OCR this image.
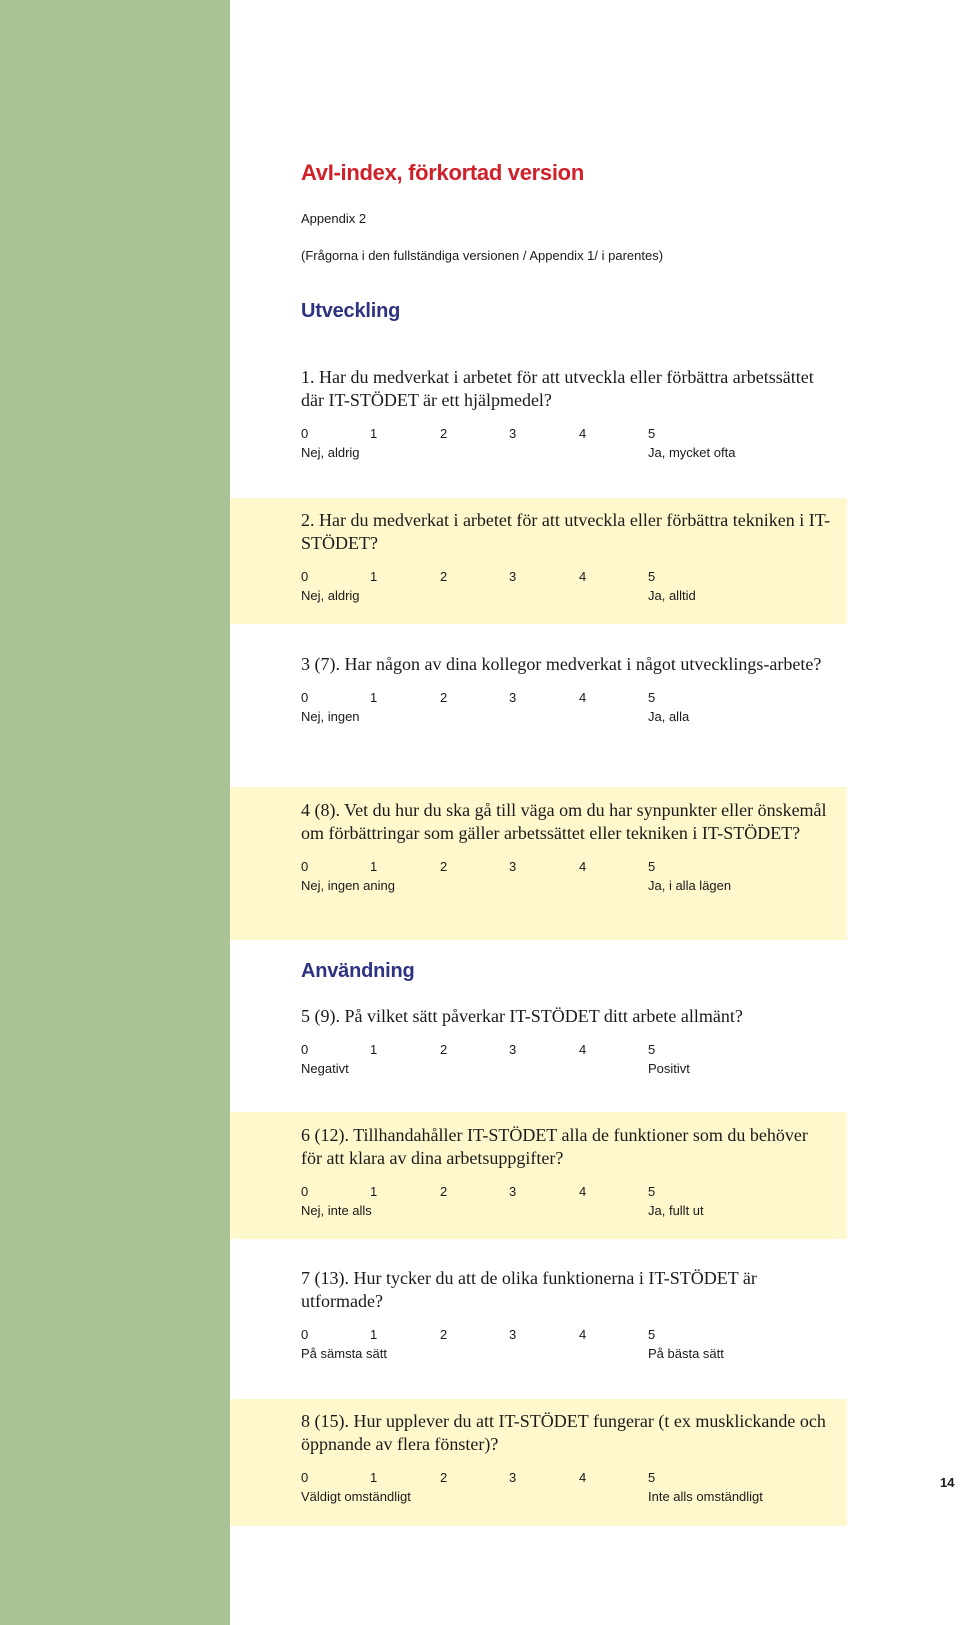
AvI-index, förkortad version
Appendix 2
(Frågorna i den fullständiga versionen / Appendix 1/ i parentes)
Utveckling
Användning

1. Har du medverkat i arbetet för att utveckla eller förbättra arbetssättet där IT-STÖDET är ett hjälpmedel?

0	1	2	3	4	5
Nej, aldrig	Ja, mycket ofta

2. Har du medverkat i arbetet för att utveckla eller förbättra tekniken i IT-STÖDET?

0	1	2	3	4	5
Nej, aldrig	Ja, alltid

3 (7). Har någon av dina kollegor medverkat i något utvecklings-arbete?

0	1	2	3	4	5
Nej, ingen	Ja, alla

4 (8). Vet du hur du ska gå till väga om du har synpunkter eller önskemål om förbättringar som gäller arbetssättet eller tekniken i IT-STÖDET?

0	1	2	3	4	5
Nej, ingen aning	Ja, i alla lägen

5 (9). På vilket sätt påverkar IT-STÖDET ditt arbete allmänt?

0	1	2	3	4	5
Negativt	Positivt

6 (12). Tillhandahåller IT-STÖDET alla de funktioner som du behöver för att klara av dina arbetsuppgifter?

0	1	2	3	4	5
Nej, inte alls	Ja, fullt ut

7 (13). Hur tycker du att de olika funktionerna i IT-STÖDET är utformade?

0	1	2	3	4	5
På sämsta sätt	På bästa sätt

8 (15). Hur upplever du att IT-STÖDET fungerar (t ex musklickande och öppnande av flera fönster)?

0	1	2	3	4	5
Väldigt omständligt	Inte alls omständligt
14
